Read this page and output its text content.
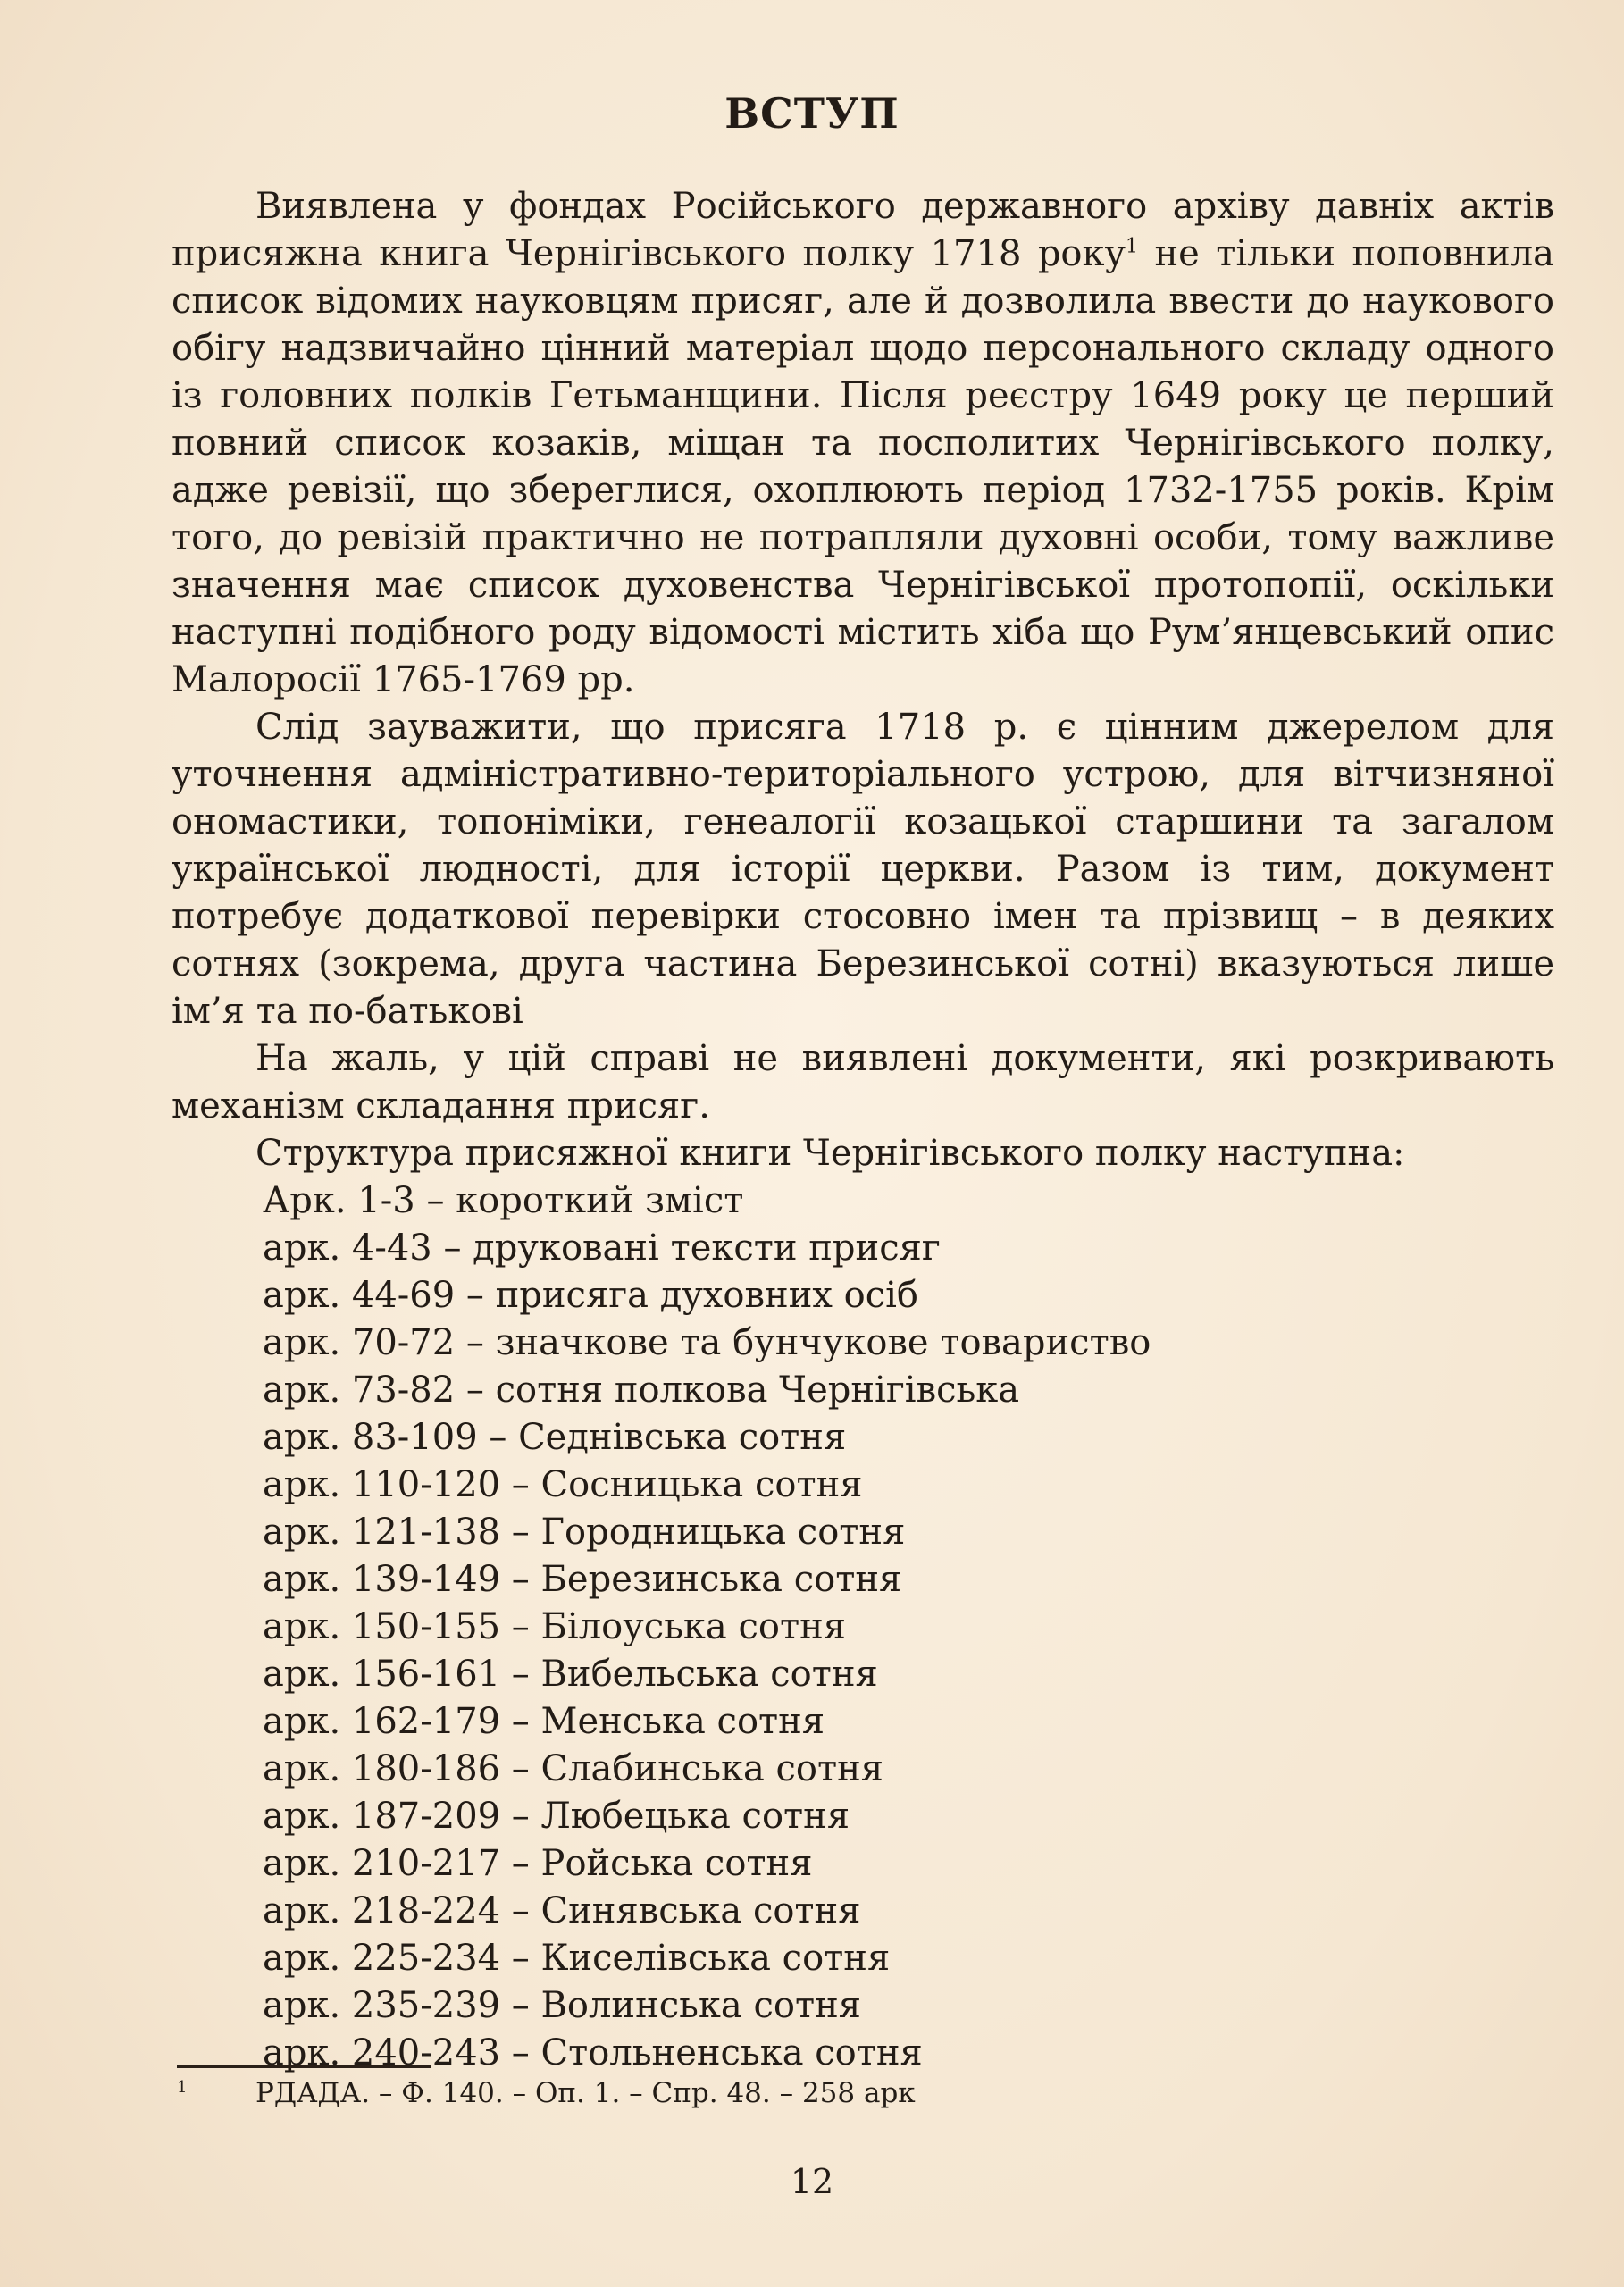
ВСТУП

Виявлена у фондах Російського державного архіву давніх актів присяжна книга Чернігівського полку 1718 року$^1$ не тільки поповнила список відомих науковцям присяг, але й дозволила ввести до наукового обігу надзвичайно цінний матеріал щодо персонального складу одного із головних полків Гетьманщини. Після реєстру 1649 року це перший повний список козаків, міщан та посполитих Чернігівського полку, адже ревізії, що збереглися, охоплюють період 1732-1755 років. Крім того, до ревізій практично не потрапляли духовні особи, тому важливе значення має список духовенства Чернігівської протопопії, оскільки наступні подібного роду відомості містить хіба що Рум’янцевський опис Малоросії 1765-1769 рр.

Слід зауважити, що присяга 1718 р. є цінним джерелом для уточнення адміністративно-територіального устрою, для вітчизняної ономастики, топоніміки, генеалогії козацької старшини та загалом української людності, для історії церкви. Разом із тим, документ потребує додаткової перевірки стосовно імен та прізвищ – в деяких сотнях (зокрема, друга частина Березинської сотні) вказуються лише ім’я та по-батькові

На жаль, у цій справі не виявлені документи, які розкривають механізм складання присяг.

Структура присяжної книги Чернігівського полку наступна:

Арк. 1-3 – короткий зміст
арк. 4-43 – друковані тексти присяг
арк. 44-69 – присяга духовних осіб
арк. 70-72 – значкове та бунчукове товариство
арк. 73-82 – сотня полкова Чернігівська
арк. 83-109 – Седнівська сотня
арк. 110-120 – Сосницька сотня
арк. 121-138 – Городницька сотня
арк. 139-149 – Березинська сотня
арк. 150-155 – Білоуська сотня
арк. 156-161 – Вибельська сотня
арк. 162-179 – Менська сотня
арк. 180-186 – Слабинська сотня
арк. 187-209 – Любецька сотня
арк. 210-217 – Ройська сотня
арк. 218-224 – Синявська сотня
арк. 225-234 – Киселівська сотня
арк. 235-239 – Волинська сотня
арк. 240-243 – Стольненська сотня
1 РДАДА. – Ф. 140. – Оп. 1. – Спр. 48. – 258 арк
12
